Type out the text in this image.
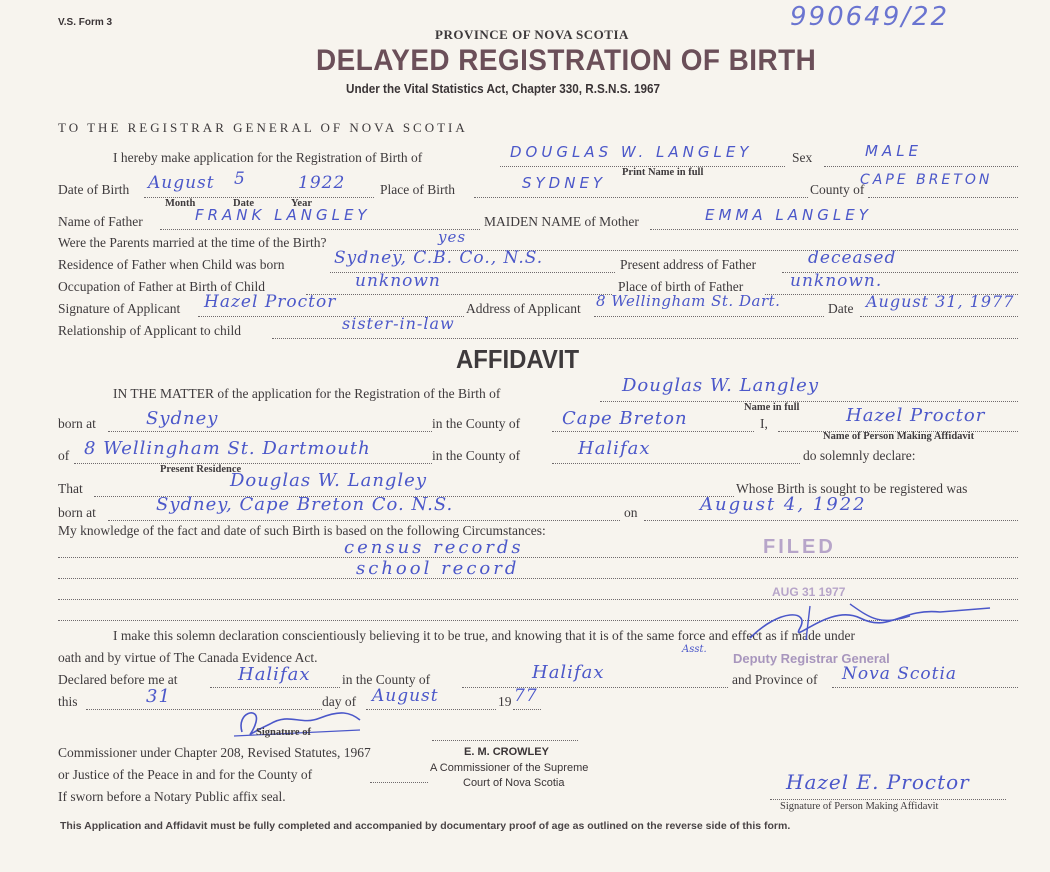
V.S. Form 3	990649/22
PROVINCE OF NOVA SCOTIA
DELAYED REGISTRATION OF BIRTH
Under the Vital Statistics Act, Chapter 330, R.S.N.S. 1967
TO THE REGISTRAR GENERAL OF NOVA SCOTIA
I hereby make application for the Registration of Birth of	DOUGLAS W. LANGLEY
Print Name in full
Sex	MALE
Date of Birth August 5	1922
Month	Date	Year
Place of Birth	SYDNEY	County of
CAPE BRETON
Name of Father	FRANK LANGLEY	MAIDEN NAME of Mother	EMMA LANGLEY
Were the Parents married at the time of the Birth?	yes
Residence of Father when Child was born	Sydney, C.B. Co., N.S.	Present address of Father	deceased
Occupation of Father at Birth of Child	unknown	Place of birth of Father	unknown.
Signature of Applicant Hazel Proctor	Address of Applicant 8 Wellingham St. Dart.	Date August 31, 1977
Relationship of Applicant to child	sister-in-law
AFFIDAVIT
IN THE MATTER of the application for the Registration of the Birth of	Douglas W. Langley
Name in full
born at	Sydney	in the County of Cape Breton	I,	Hazel Proctor
Name of Person Making Affidavit
of 8 Wellingham St. Dartmouth
Present Residence
in the County of	Halifax	do solemnly declare:
That	Douglas W. Langley	Whose Birth is sought to be registered was
born at	Sydney, Cape Breton Co. N.S.	on	August 4, 1922
My knowledge of the fact and date of such Birth is based on the following Circumstances:
census records
school record
FILED
AUG 31 1977
I make this solemn declaration conscientiously believing it to be true, and knowing that it is of the same force and effect as if made under
oath and by virtue of The Canada Evidence Act.
Asst.
Deputy Registrar General
Declared before me at	Halifax in the County of	Halifax	and Province of Nova Scotia
this	31	day of August	19 77
Signature of
E. M. CROWLEY
A Commissioner of the Supreme
Court of Nova Scotia
Commissioner under Chapter 208, Revised Statutes, 1967
or Justice of the Peace in and for the County of
If sworn before a Notary Public affix seal.
Hazel E. Proctor
Signature of Person Making Affidavit
This Application and Affidavit must be fully completed and accompanied by documentary proof of age as outlined on the reverse side of this form.
